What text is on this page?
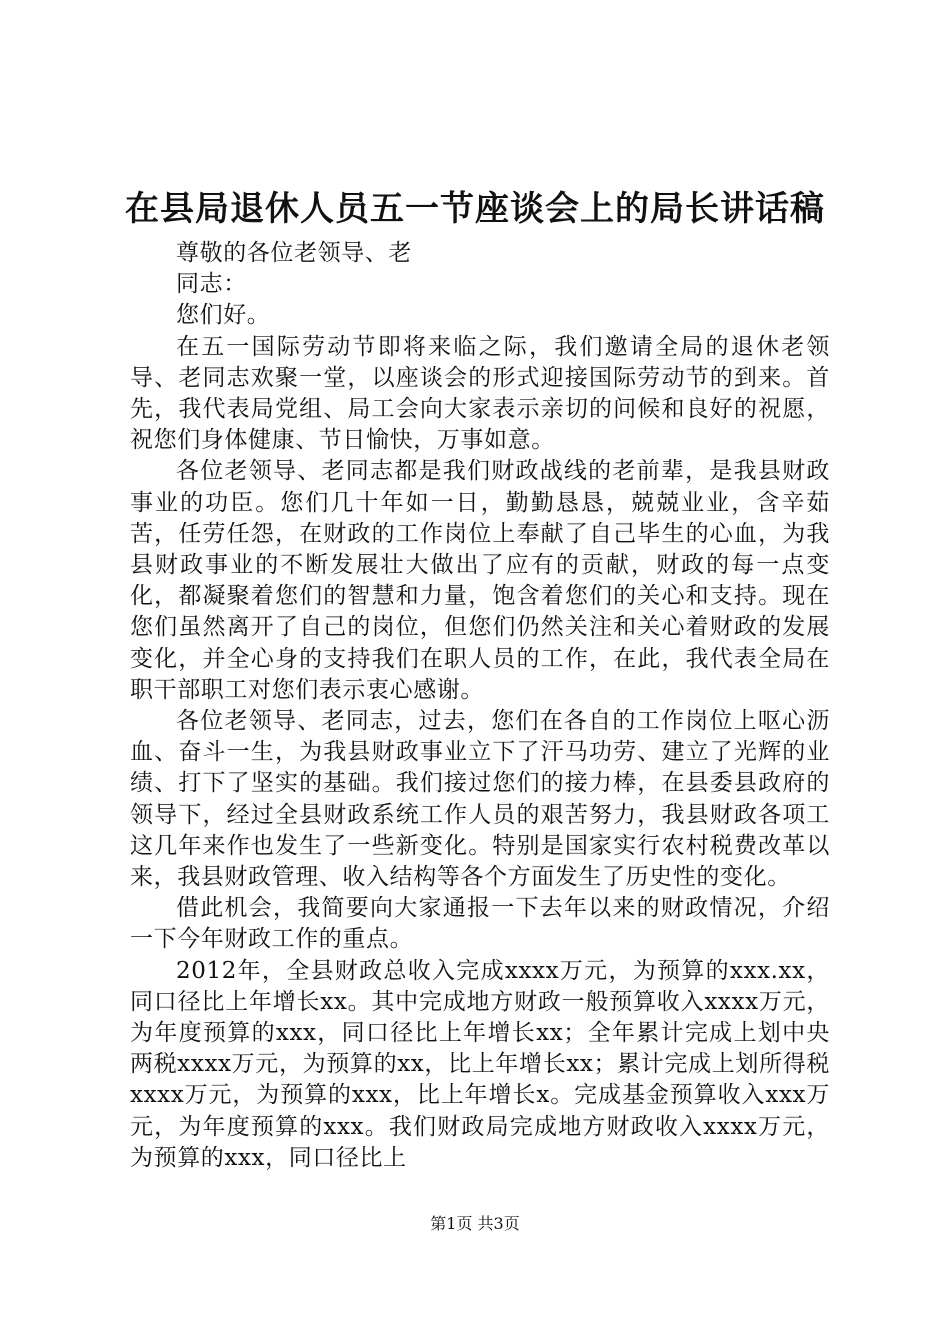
在县局退休人员五一节座谈会上的局长讲话稿

尊敬的各位老领导、老

同志：

您们好。

在五一国际劳动节即将来临之际，我们邀请全局的退休老领导、老同志欢聚一堂，以座谈会的形式迎接国际劳动节的到来。首先，我代表局党组、局工会向大家表示亲切的问候和良好的祝愿，祝您们身体健康、节日愉快，万事如意。

各位老领导、老同志都是我们财政战线的老前辈，是我县财政事业的功臣。您们几十年如一日，勤勤恳恳，兢兢业业，含辛茹苦，任劳任怨，在财政的工作岗位上奉献了自己毕生的心血，为我县财政事业的不断发展壮大做出了应有的贡献，财政的每一点变化，都凝聚着您们的智慧和力量，饱含着您们的关心和支持。现在您们虽然离开了自己的岗位，但您们仍然关注和关心着财政的发展变化，并全心身的支持我们在职人员的工作，在此，我代表全局在职干部职工对您们表示衷心感谢。

各位老领导、老同志，过去，您们在各自的工作岗位上呕心沥血、奋斗一生，为我县财政事业立下了汗马功劳、建立了光辉的业绩、打下了坚实的基础。我们接过您们的接力棒，在县委县政府的领导下，经过全县财政系统工作人员的艰苦努力，我县财政各项工这几年来作也发生了一些新变化。特别是国家实行农村税费改革以来，我县财政管理、收入结构等各个方面发生了历史性的变化。

借此机会，我简要向大家通报一下去年以来的财政情况，介绍一下今年财政工作的重点。

2012年，全县财政总收入完成xxxx万元，为预算的xxx.xx，同口径比上年增长xx。其中完成地方财政一般预算收入xxxx万元，为年度预算的xxx，同口径比上年增长xx；全年累计完成上划中央两税xxxx万元，为预算的xx，比上年增长xx；累计完成上划所得税xxxx万元，为预算的xxx，比上年增长x。完成基金预算收入xxx万元，为年度预算的xxx。我们财政局完成地方财政收入xxxx万元，为预算的xxx，同口径比上

第1页 共3页
